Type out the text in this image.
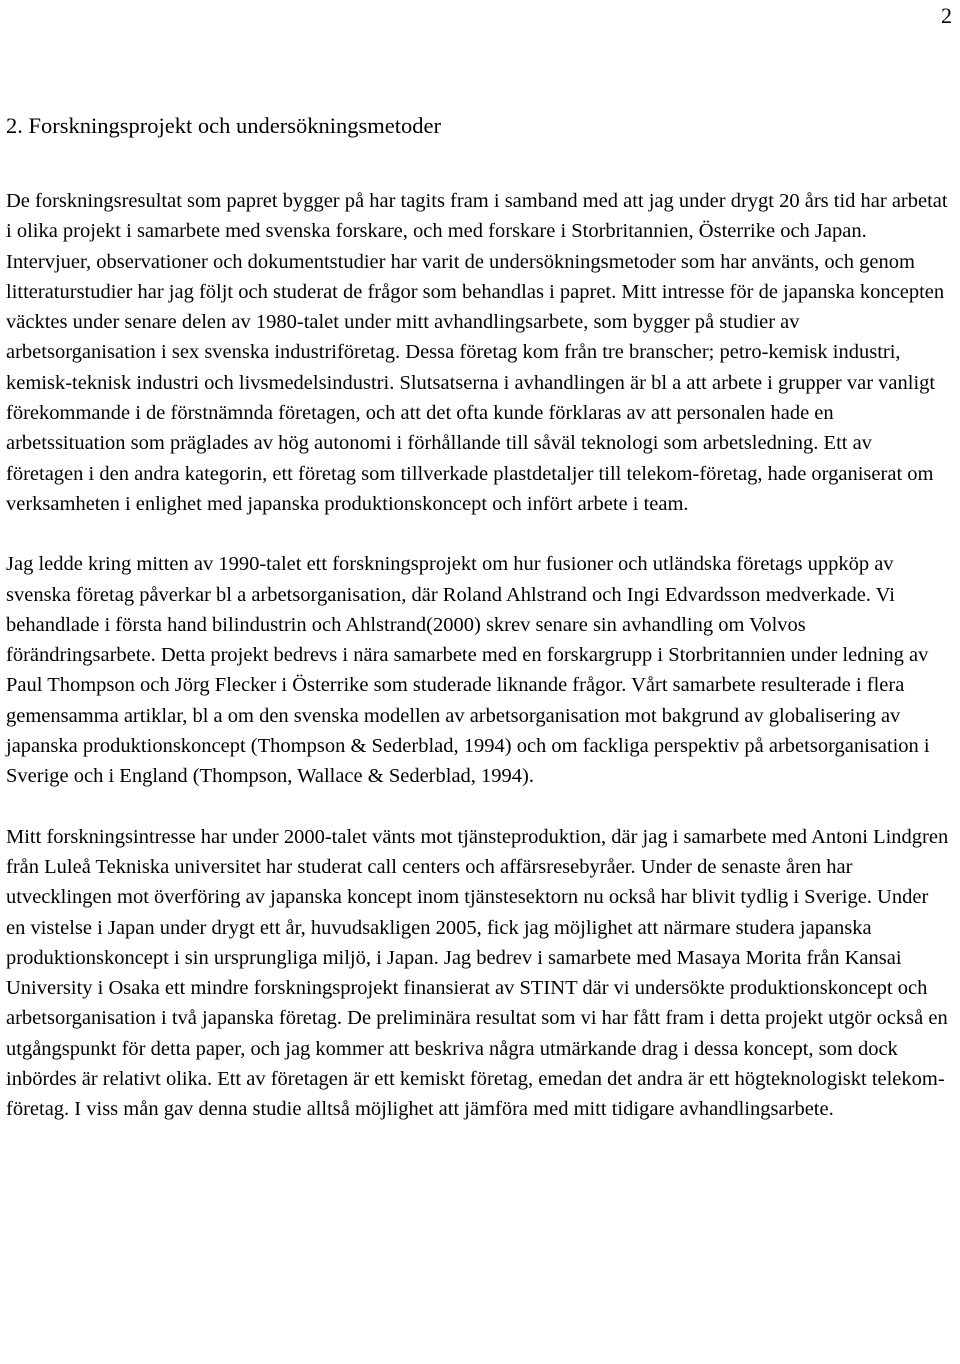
2
2. Forskningsprojekt och undersökningsmetoder

De forskningsresultat som papret bygger på har tagits fram i samband med att jag under drygt 20 års tid har arbetat i olika projekt i samarbete med svenska forskare, och med forskare i Storbritannien, Österrike och Japan. Intervjuer, observationer och dokumentstudier har varit de undersökningsmetoder som har använts, och genom litteraturstudier har jag följt och studerat de frågor som behandlas i papret. Mitt intresse för de japanska koncepten väcktes under senare delen av 1980-talet under mitt avhandlingsarbete, som bygger på studier av arbetsorganisation i sex svenska industriföretag. Dessa företag kom från tre branscher; petro-kemisk industri, kemisk-teknisk industri och livsmedelsindustri. Slutsatserna i avhandlingen är bl a att arbete i grupper var vanligt förekommande i de förstnämnda företagen, och att det ofta kunde förklaras av att personalen hade en arbetssituation som präglades av hög autonomi i förhållande till såväl teknologi som arbetsledning. Ett av företagen i den andra kategorin, ett företag som tillverkade plastdetaljer till telekom-företag, hade organiserat om verksamheten i enlighet med japanska produktionskoncept och infört arbete i team.

Jag ledde kring mitten av 1990-talet ett forskningsprojekt om hur fusioner och utländska företags uppköp av svenska företag påverkar bl a arbetsorganisation, där Roland Ahlstrand och Ingi Edvardsson medverkade. Vi behandlade i första hand bilindustrin och Ahlstrand(2000) skrev senare sin avhandling om Volvos förändringsarbete. Detta projekt bedrevs i nära samarbete med en forskargrupp i Storbritannien under ledning av Paul Thompson och Jörg Flecker i Österrike som studerade liknande frågor. Vårt samarbete resulterade i flera gemensamma artiklar, bl a om den svenska modellen av arbetsorganisation mot bakgrund av globalisering av japanska produktionskoncept (Thompson & Sederblad, 1994) och om fackliga perspektiv på arbetsorganisation i Sverige och i England (Thompson, Wallace & Sederblad, 1994).

Mitt forskningsintresse har under 2000-talet vänts mot tjänsteproduktion, där jag i samarbete med Antoni Lindgren från Luleå Tekniska universitet har studerat call centers och affärsresebyråer. Under de senaste åren har utvecklingen mot överföring av japanska koncept inom tjänstesektorn nu också har blivit tydlig i Sverige. Under en vistelse i Japan under drygt ett år, huvudsakligen 2005, fick jag möjlighet att närmare studera japanska produktionskoncept i sin ursprungliga miljö, i Japan. Jag bedrev i samarbete med Masaya Morita från Kansai University i Osaka ett mindre forskningsprojekt finansierat av STINT där vi undersökte produktionskoncept och arbetsorganisation i två japanska företag. De preliminära resultat som vi har fått fram i detta projekt utgör också en utgångspunkt för detta paper, och jag kommer att beskriva några utmärkande drag i dessa koncept, som dock inbördes är relativt olika. Ett av företagen är ett kemiskt företag, emedan det andra är ett högteknologiskt telekom-företag. I viss mån gav denna studie alltså möjlighet att jämföra med mitt tidigare avhandlingsarbete.
